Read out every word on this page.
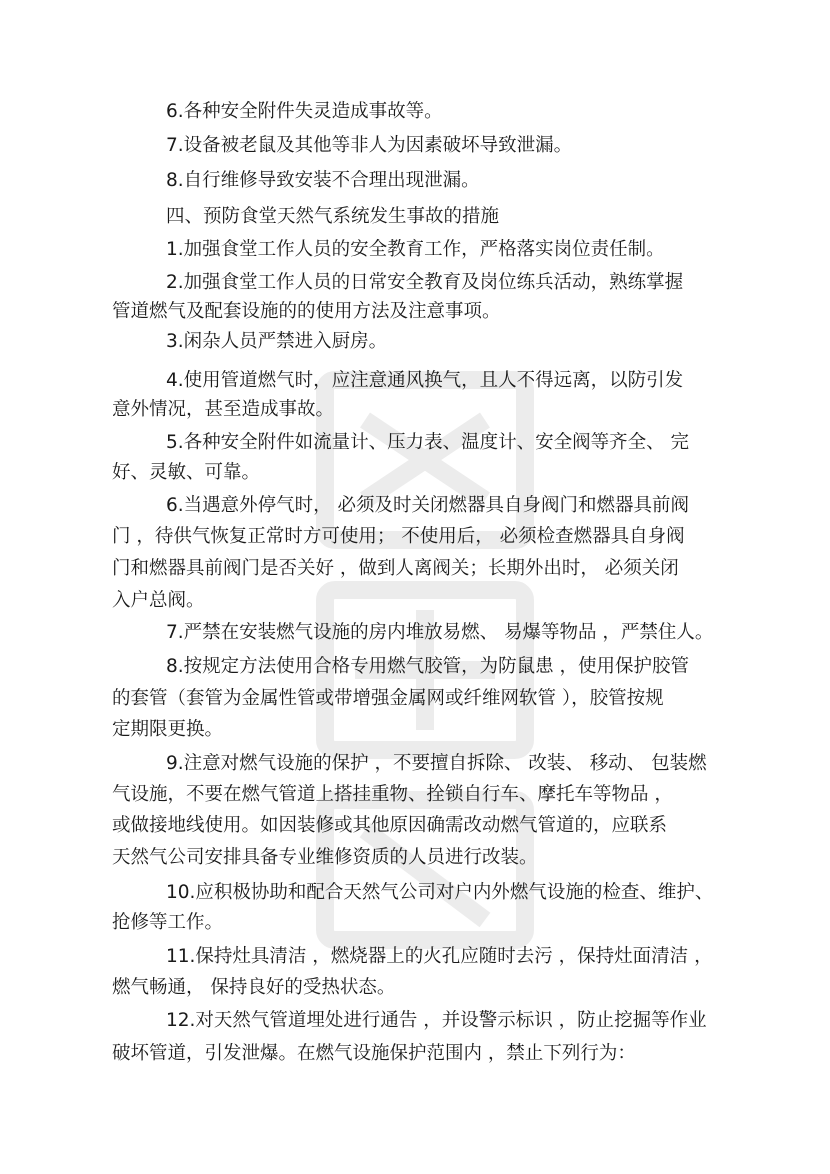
6.各种安全附件失灵造成事故等。
7.设备被老鼠及其他等非人为因素破坏导致泄漏。
8.自行维修导致安装不合理出现泄漏。
四、预防食堂天然气系统发生事故的措施
1.加强食堂工作人员的安全教育工作，严格落实岗位责任制。
2.加强食堂工作人员的日常安全教育及岗位练兵活动，熟练掌握
管道燃气及配套设施的的使用方法及注意事项。
3.闲杂人员严禁进入厨房。
4.使用管道燃气时，应注意通风换气，且人不得远离，以防引发
意外情况，甚至造成事故。
5.各种安全附件如流量计、压力表、温度计、安全阀等齐全、 完
好、灵敏、可靠。
6.当遇意外停气时， 必须及时关闭燃器具自身阀门和燃器具前阀
门 ，待供气恢复正常时方可使用； 不使用后， 必须检查燃器具自身阀
门和燃器具前阀门是否关好 ，做到人离阀关；长期外出时， 必须关闭
入户总阀。
7.严禁在安装燃气设施的房内堆放易燃、 易爆等物品 ，严禁住人。
8.按规定方法使用合格专用燃气胶管，为防鼠患 ，使用保护胶管
的套管（套管为金属性管或带增强金属网或纤维网软管 ），胶管按规
定期限更换。
9.注意对燃气设施的保护 ，不要擅自拆除、 改装、 移动、 包装燃
气设施，不要在燃气管道上搭挂重物、拴锁自行车、摩托车等物品 ，
或做接地线使用。如因装修或其他原因确需改动燃气管道的，应联系
天然气公司安排具备专业维修资质的人员进行改装。
10.应积极协助和配合天然气公司对户内外燃气设施的检查、维护、
抢修等工作。
11.保持灶具清洁 ，燃烧器上的火孔应随时去污 ，保持灶面清洁 ，
燃气畅通， 保持良好的受热状态。
12.对天然气管道埋处进行通告 ，并设警示标识 ，防止挖掘等作业
破坏管道，引发泄爆。在燃气设施保护范围内 ，禁止下列行为：
